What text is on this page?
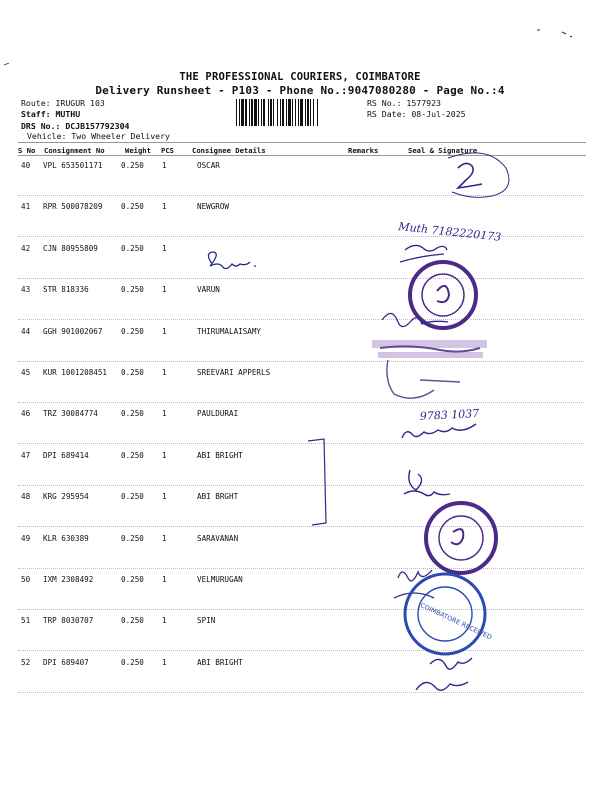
THE PROFESSIONAL COURIERS, COIMBATORE
Delivery Runsheet - P103 - Phone No.:9047080280 - Page No.:4
Route: IRUGUR 103
Staff: MUTHU
DRS No.: DCJB157792304
Vehicle: Two Wheeler Delivery
RS No.: 1577923
RS Date: 08-Jul-2025
S No Consignment No	Weight PCS	Consignee Details	Remarks	Seal & Signature
40 VPL 653501171 0.250 1	OSCAR
41 RPR 500078209 0.250 1	NEWGROW
42 CJN 80955809	0.250 1
43 STR 818336	0.250 1	VARUN
44 GGH 901002067 0.250 1	THIRUMALAISAMY
45 KUR 1001208451 0.250 1	SREEVARI APPERLS
46 TRZ 30084774	0.250 1	PAULDURAI
47 DPI 689414	0.250 1	ABI BRIGHT
48 KRG 295954	0.250 1	ABI BRGHT
49 KLR 630389	0.250 1	SARAVANAN
50 IXM 2308492	0.250 1	VELMURUGAN
51 TRP 8030707	0.250 1	SPIN
52 DPI 689407	0.250 1	ABI BRIGHT
Muth 7182220173
9783 1037
COIMBATORE RECEIVED
